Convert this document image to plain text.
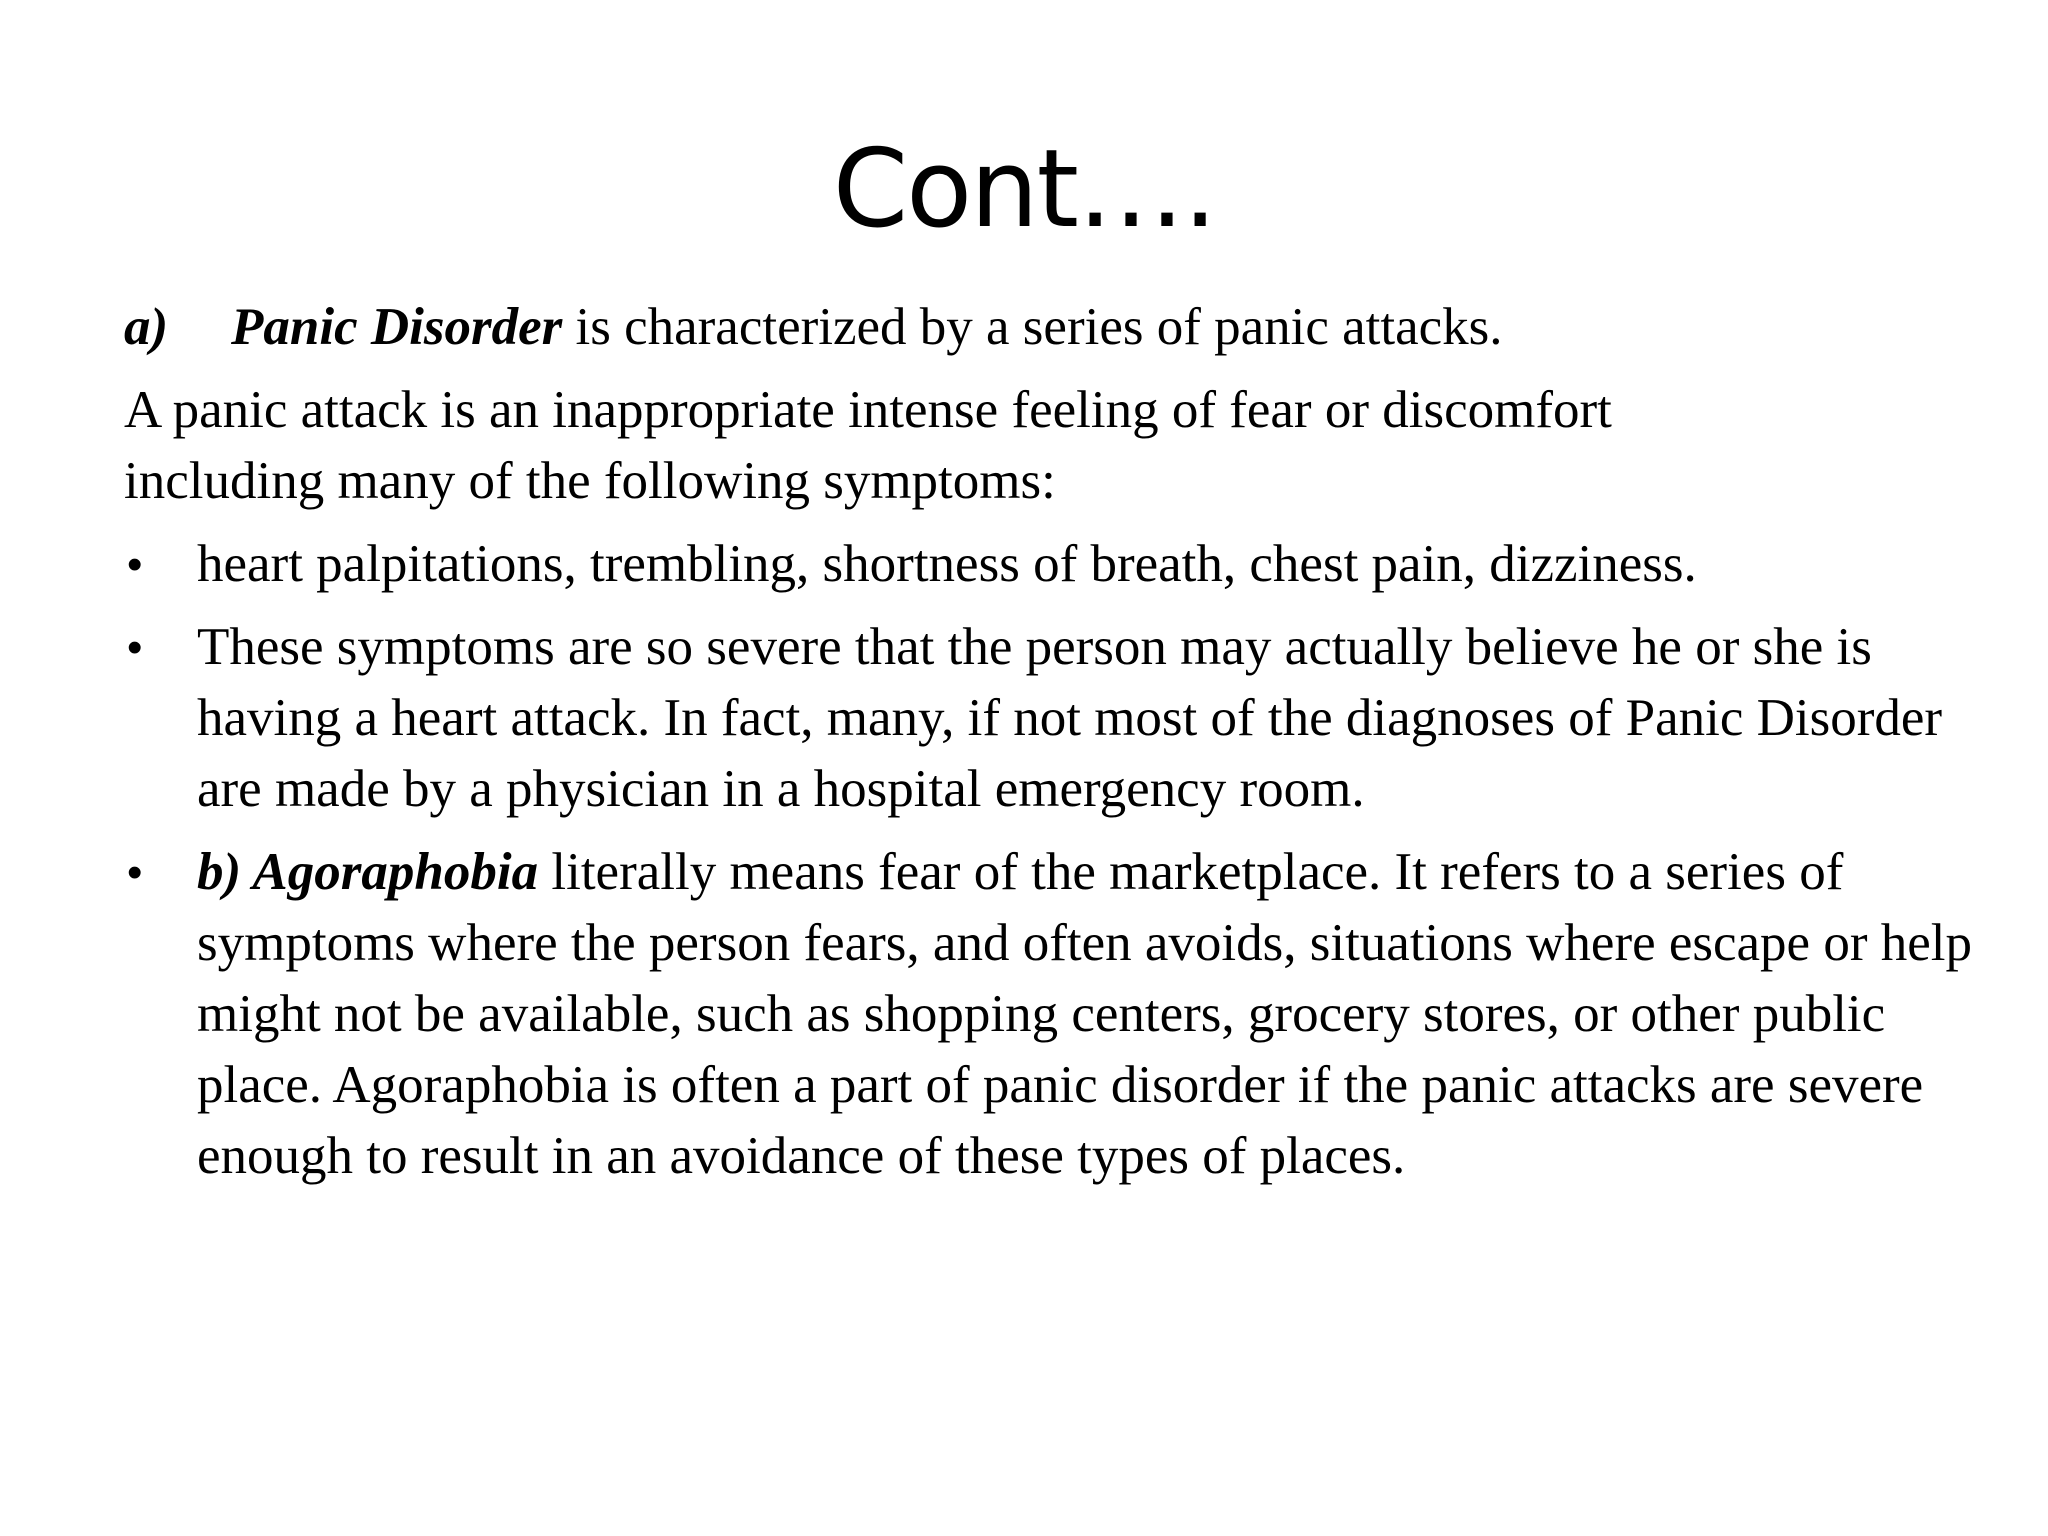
Cont….

a) Panic Disorder is characterized by a series of panic attacks.

A panic attack is an inappropriate intense feeling of fear or discomfort
including many of the following symptoms:

• heart palpitations, trembling, shortness of breath, chest pain, dizziness.
• These symptoms are so severe that the person may actually believe he or she is having a heart attack. In fact, many, if not most of the diagnoses of Panic Disorder are made by a physician in a hospital emergency room.
• b) Agoraphobia literally means fear of the marketplace. It refers to a series of symptoms where the person fears, and often avoids, situations where escape or help might not be available, such as shopping centers, grocery stores, or other public place. Agoraphobia is often a part of panic disorder if the panic attacks are severe enough to result in an avoidance of these types of places.
